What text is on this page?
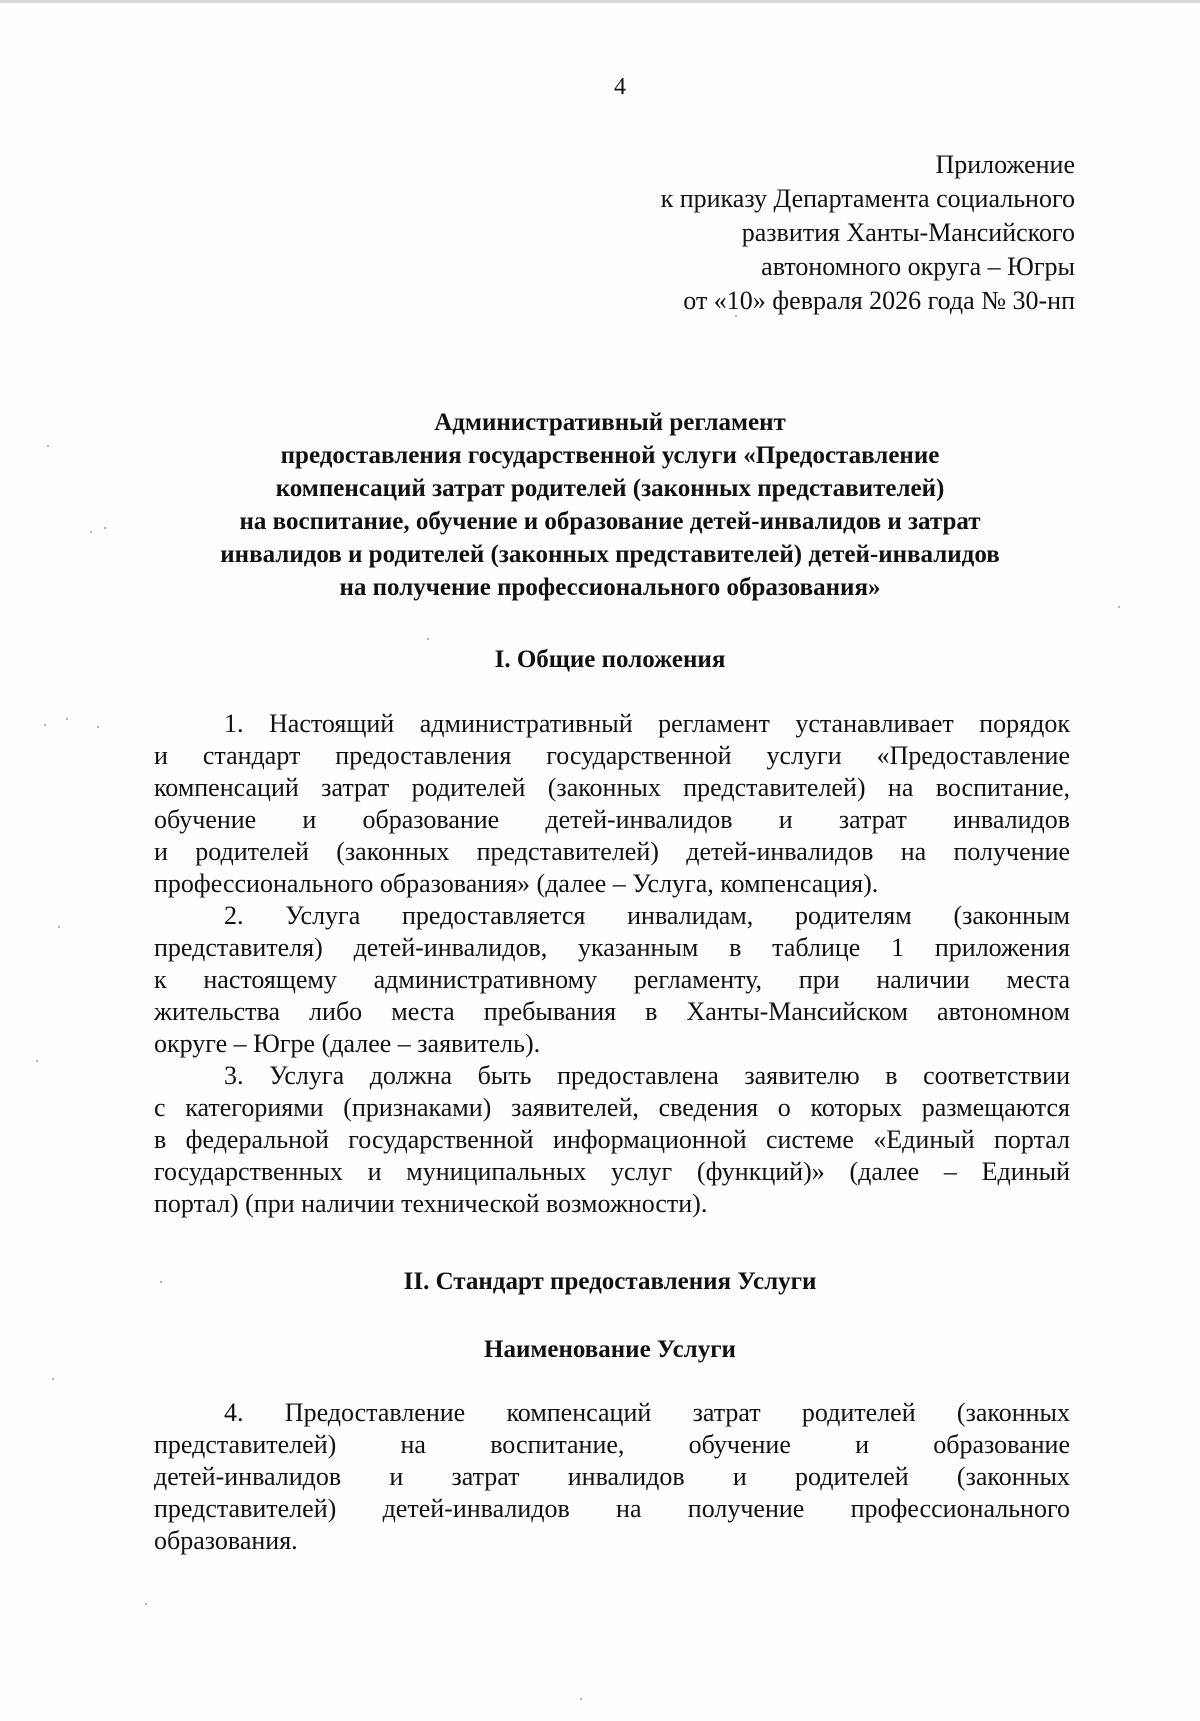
4
Приложение
к приказу Департамента социального
развития Ханты-Мансийского
автономного округа – Югры
от «10» февраля 2026 года № 30-нп
Административный регламент
предоставления государственной услуги «Предоставление
компенсаций затрат родителей (законных представителей)
на воспитание, обучение и образование детей-инвалидов и затрат
инвалидов и родителей (законных представителей) детей-инвалидов
на получение профессионального образования»
I. Общие положения
1. Настоящий административный регламент устанавливает порядок
и стандарт предоставления государственной услуги «Предоставление
компенсаций затрат родителей (законных представителей) на воспитание,
обучение и образование детей-инвалидов и затрат инвалидов
и родителей (законных представителей) детей-инвалидов на получение
профессионального образования» (далее – Услуга, компенсация).
2. Услуга предоставляется инвалидам, родителям (законным
представителя) детей-инвалидов, указанным в таблице 1 приложения
к настоящему административному регламенту, при наличии места
жительства либо места пребывания в Ханты-Мансийском автономном
округе – Югре (далее – заявитель).
3. Услуга должна быть предоставлена заявителю в соответствии
с категориями (признаками) заявителей, сведения о которых размещаются
в федеральной государственной информационной системе «Единый портал
государственных и муниципальных услуг (функций)» (далее – Единый
портал) (при наличии технической возможности).
II. Стандарт предоставления Услуги
Наименование Услуги
4. Предоставление компенсаций затрат родителей (законных
представителей) на воспитание, обучение и образование
детей-инвалидов и затрат инвалидов и родителей (законных
представителей) детей-инвалидов на получение профессионального
образования.
